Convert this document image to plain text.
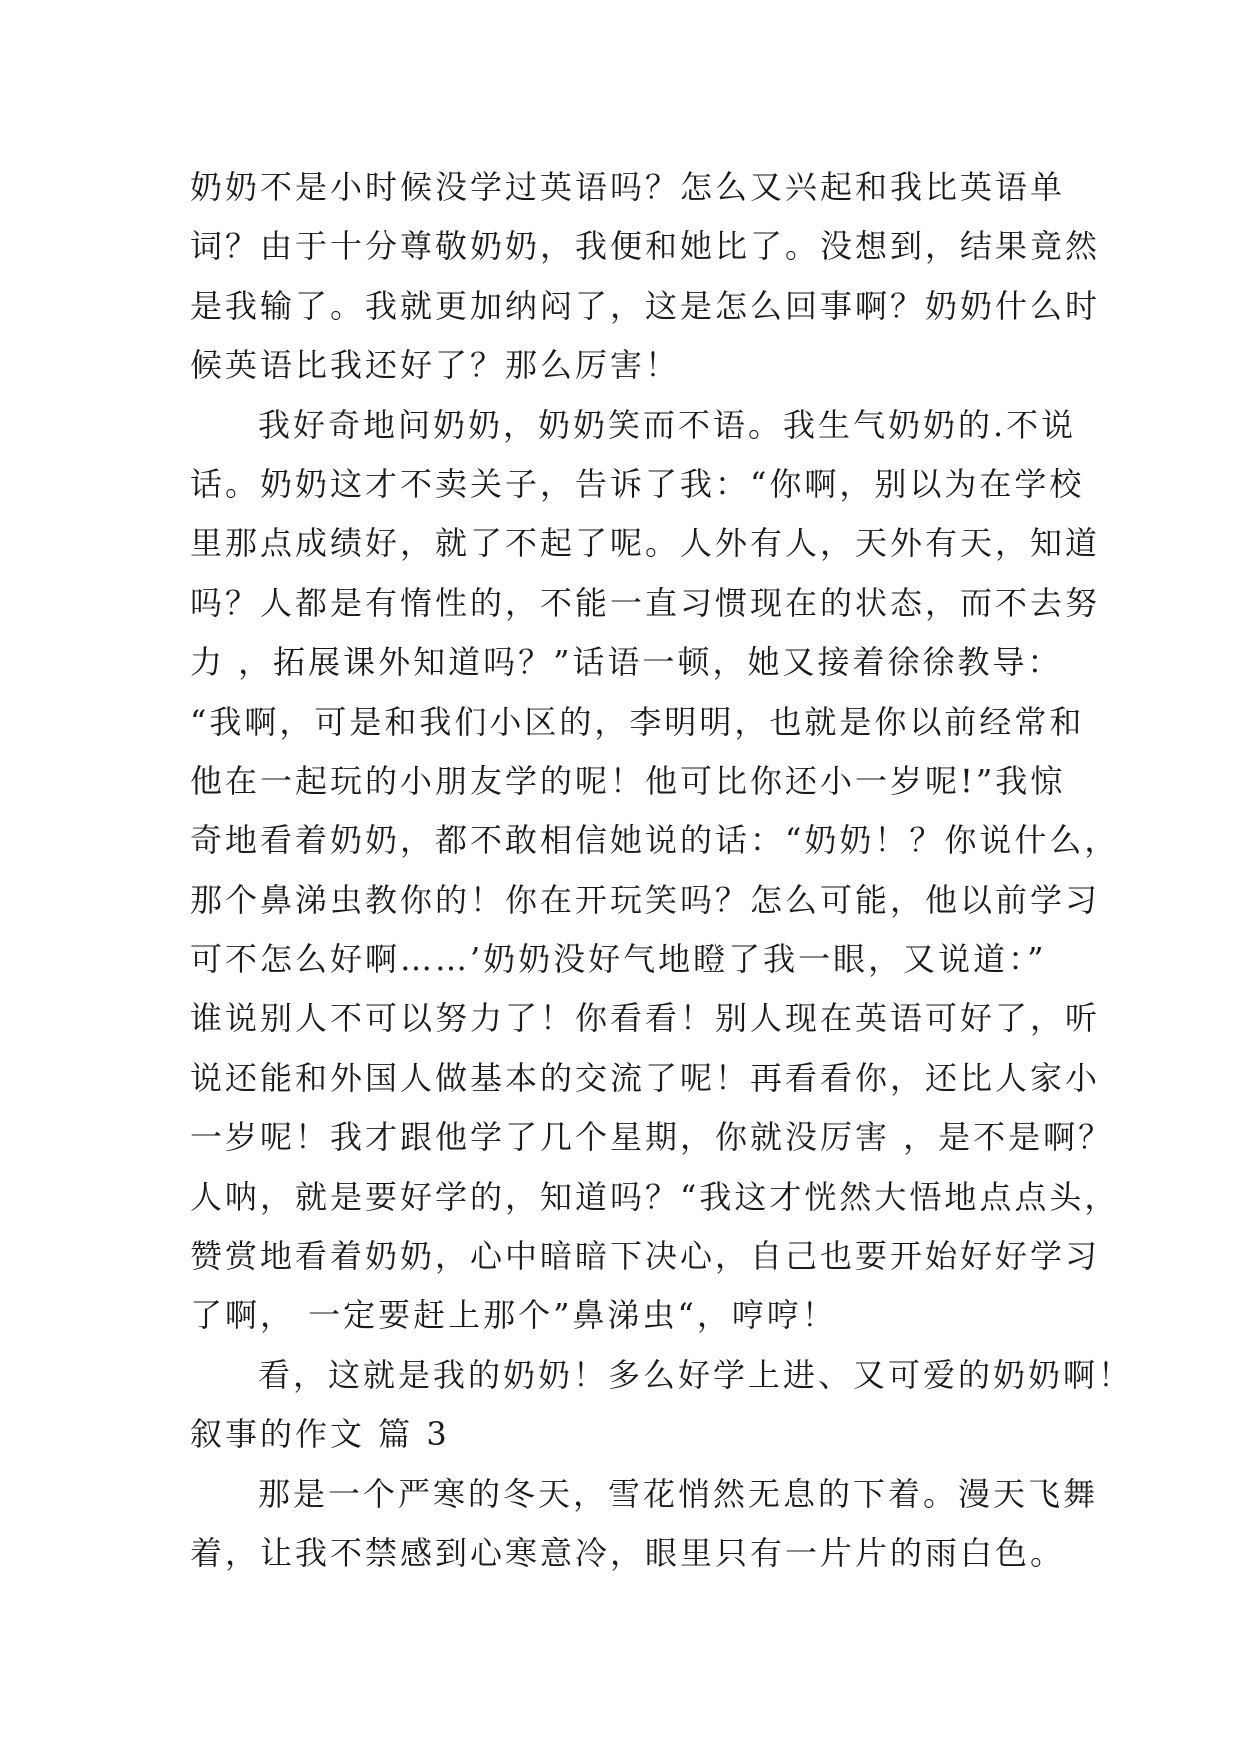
奶奶不是小时候没学过英语吗？怎么又兴起和我比英语单
词？由于十分尊敬奶奶，我便和她比了。没想到，结果竟然
是我输了。我就更加纳闷了，这是怎么回事啊？奶奶什么时
候英语比我还好了？那么厉害！
我好奇地问奶奶，奶奶笑而不语。我生气奶奶的.不说
话。奶奶这才不卖关子，告诉了我：“你啊，别以为在学校
里那点成绩好，就了不起了呢。人外有人，天外有天，知道
吗？人都是有惰性的，不能一直习惯现在的状态，而不去努
力 ，拓展课外知道吗？”话语一顿，她又接着徐徐教导：
“我啊，可是和我们小区的，李明明，也就是你以前经常和
他在一起玩的小朋友学的呢！他可比你还小一岁呢!”我惊
奇地看着奶奶，都不敢相信她说的话：“奶奶！？你说什么，
那个鼻涕虫教你的！你在开玩笑吗？怎么可能，他以前学习
可不怎么好啊……’奶奶没好气地瞪了我一眼，又说道：”
谁说别人不可以努力了！你看看！别人现在英语可好了，听
说还能和外国人做基本的交流了呢！再看看你，还比人家小
一岁呢！我才跟他学了几个星期，你就没厉害 ，是不是啊？
人呐，就是要好学的，知道吗？“我这才恍然大悟地点点头，
赞赏地看着奶奶，心中暗暗下决心，自己也要开始好好学习
了啊， 一定要赶上那个”鼻涕虫“，哼哼！
看，这就是我的奶奶！多么好学上进、又可爱的奶奶啊！
叙事的作文 篇 3
那是一个严寒的冬天，雪花悄然无息的下着。漫天飞舞
着，让我不禁感到心寒意冷，眼里只有一片片的雨白色。
